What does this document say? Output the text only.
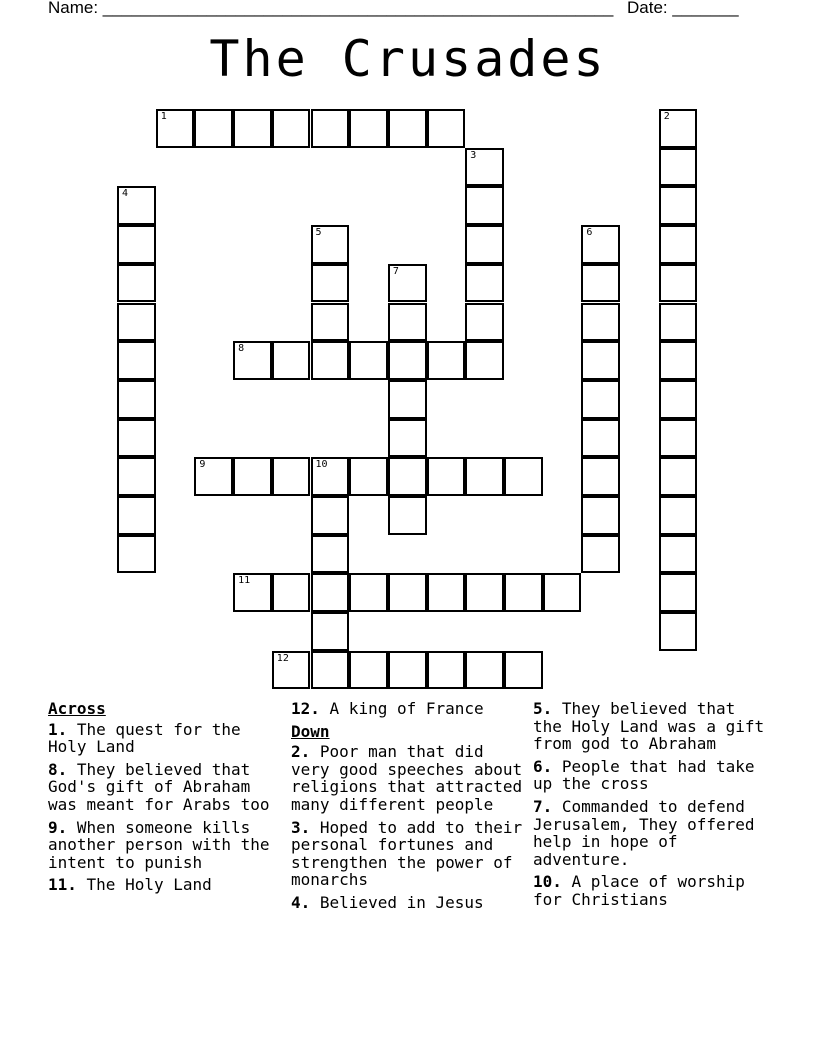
Name: ______________________________________________________ Date: _______
The Crusades
1	2
3
4
5	6
7
8
9	10
11
12
Across
1. The quest for the Holy Land
8. They believed that God's gift of Abraham was meant for Arabs too
9. When someone kills another person with the intent to punish
11. The Holy Land
12. A king of France
Down
2. Poor man that did very good speeches about religions that attracted many different people
3. Hoped to add to their personal fortunes and strengthen the power of monarchs
4. Believed in Jesus
5. They believed that the Holy Land was a gift from god to Abraham
6. People that had take up the cross
7. Commanded to defend Jerusalem, They offered help in hope of adventure.
10. A place of worship for Christians
